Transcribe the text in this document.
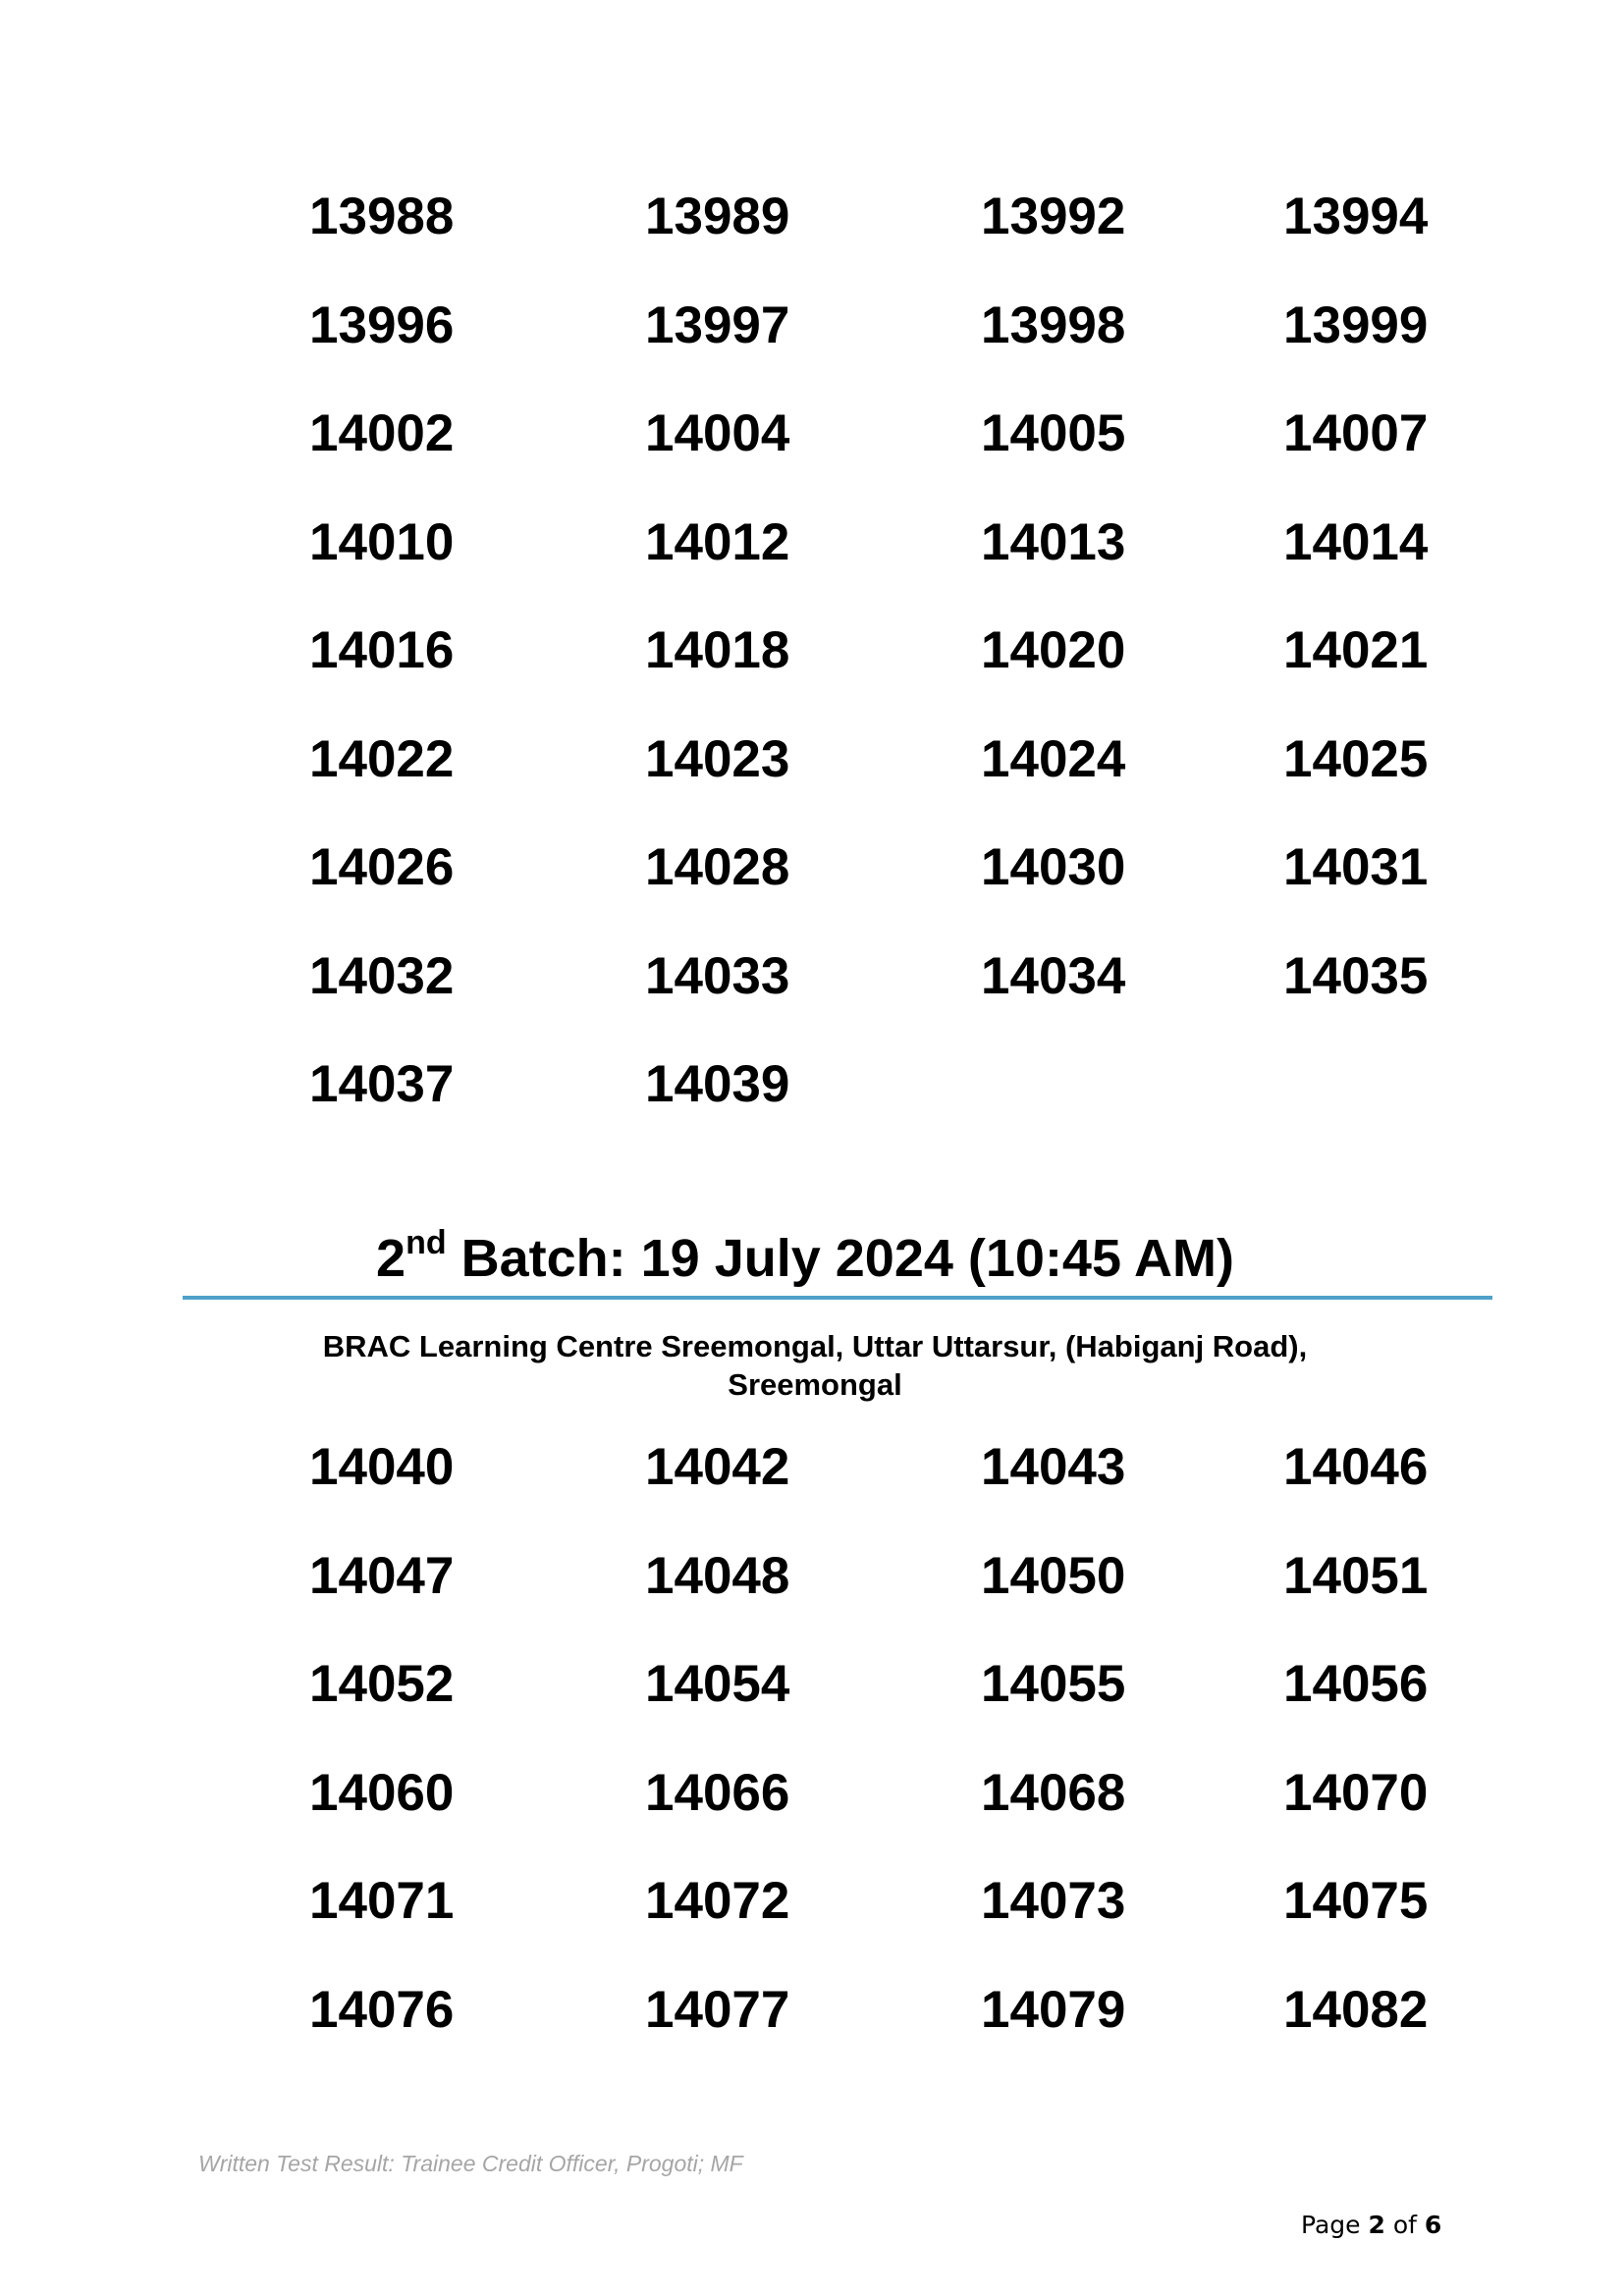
13988	13989	13992	13994
13996	13997	13998	13999
14002	14004	14005	14007
14010	14012	14013	14014
14016	14018	14020	14021
14022	14023	14024	14025
14026	14028	14030	14031
14032	14033	14034	14035
14037	14039
2nd Batch: 19 July 2024 (10:45 AM)
BRAC Learning Centre Sreemongal, Uttar Uttarsur, (Habiganj Road),
Sreemongal
14040	14042	14043	14046
14047	14048	14050	14051
14052	14054	14055	14056
14060	14066	14068	14070
14071	14072	14073	14075
14076	14077	14079	14082
Written Test Result: Trainee Credit Officer, Progoti; MF
Page 2 of 6
